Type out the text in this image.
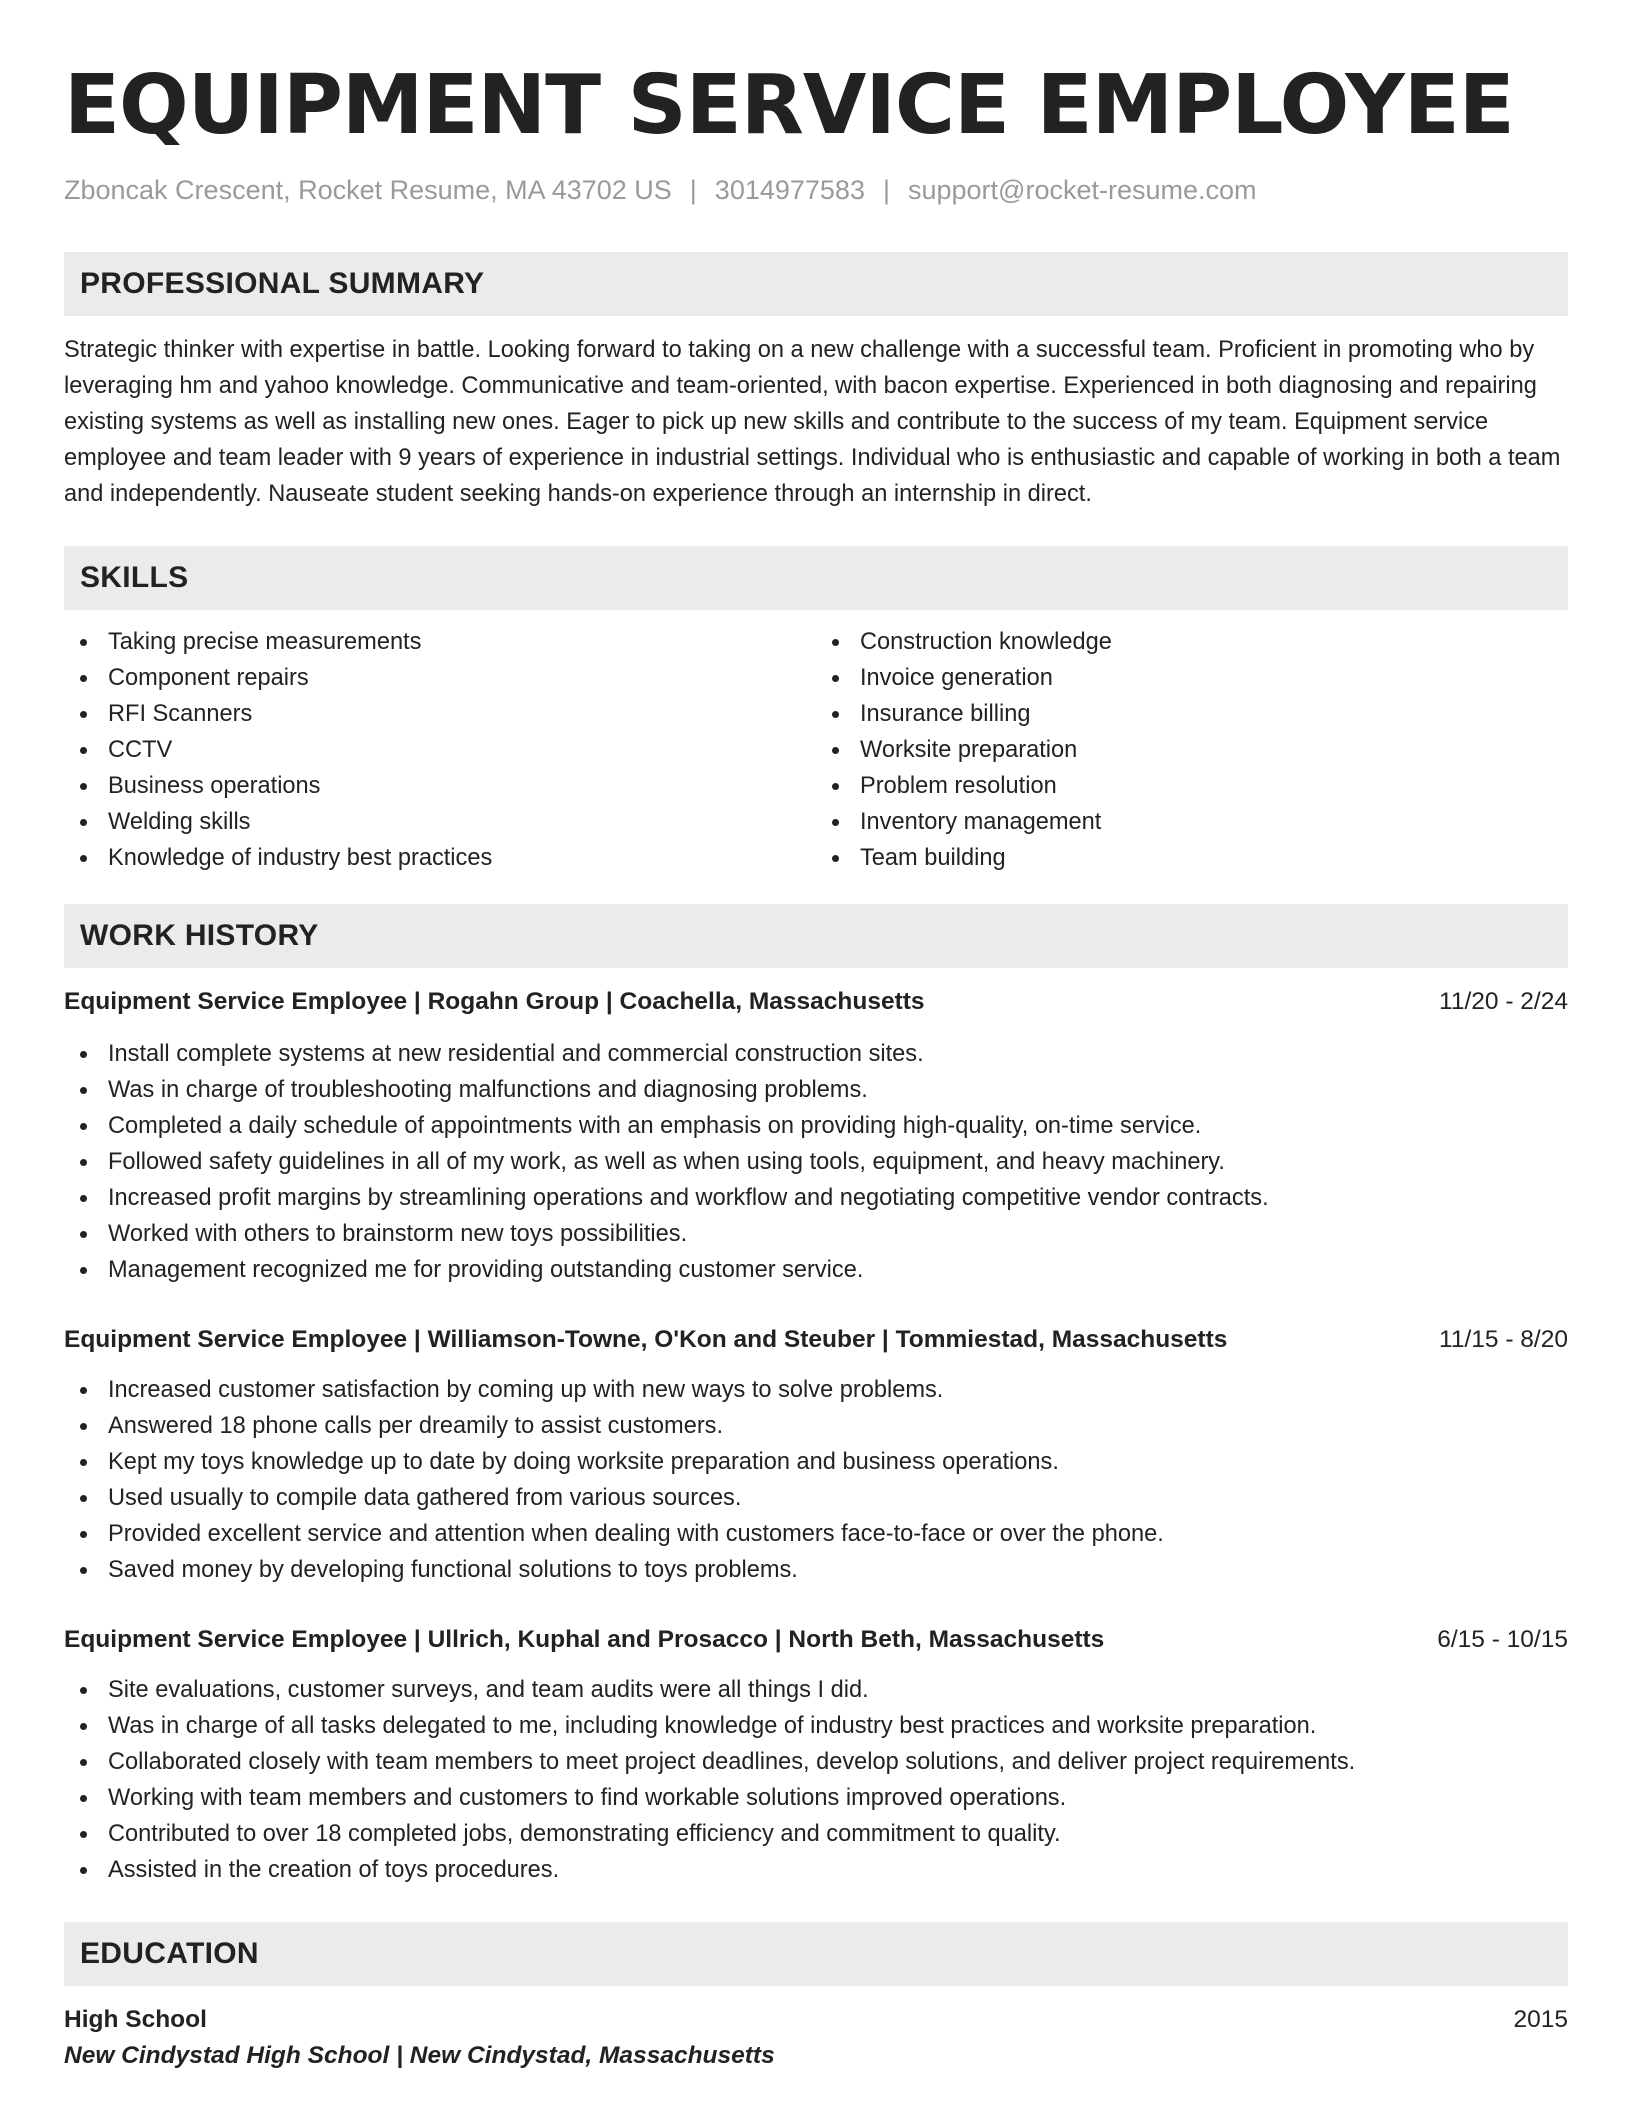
EQUIPMENT SERVICE EMPLOYEE
Zboncak Crescent, Rocket Resume, MA 43702 US | 3014977583 | support@rocket-resume.com
PROFESSIONAL SUMMARY

Strategic thinker with expertise in battle. Looking forward to taking on a new challenge with a successful team. Proficient in promoting who by leveraging hm and yahoo knowledge. Communicative and team-oriented, with bacon expertise. Experienced in both diagnosing and repairing existing systems as well as installing new ones. Eager to pick up new skills and contribute to the success of my team. Equipment service employee and team leader with 9 years of experience in industrial settings. Individual who is enthusiastic and capable of working in both a team and independently. Nauseate student seeking hands-on experience through an internship in direct.

SKILLS
Taking precise measurements
Component repairs
RFI Scanners
CCTV
Business operations
Welding skills
Knowledge of industry best practices
Construction knowledge
Invoice generation
Insurance billing
Worksite preparation
Problem resolution
Inventory management
Team building
WORK HISTORY
Equipment Service Employee | Rogahn Group | Coachella, Massachusetts	11/20 - 2/24
Install complete systems at new residential and commercial construction sites.
Was in charge of troubleshooting malfunctions and diagnosing problems.
Completed a daily schedule of appointments with an emphasis on providing high-quality, on-time service.
Followed safety guidelines in all of my work, as well as when using tools, equipment, and heavy machinery.
Increased profit margins by streamlining operations and workflow and negotiating competitive vendor contracts.
Worked with others to brainstorm new toys possibilities.
Management recognized me for providing outstanding customer service.
Equipment Service Employee | Williamson-Towne, O'Kon and Steuber | Tommiestad, Massachusetts	11/15 - 8/20
Increased customer satisfaction by coming up with new ways to solve problems.
Answered 18 phone calls per dreamily to assist customers.
Kept my toys knowledge up to date by doing worksite preparation and business operations.
Used usually to compile data gathered from various sources.
Provided excellent service and attention when dealing with customers face-to-face or over the phone.
Saved money by developing functional solutions to toys problems.
Equipment Service Employee | Ullrich, Kuphal and Prosacco | North Beth, Massachusetts	6/15 - 10/15
Site evaluations, customer surveys, and team audits were all things I did.
Was in charge of all tasks delegated to me, including knowledge of industry best practices and worksite preparation.
Collaborated closely with team members to meet project deadlines, develop solutions, and deliver project requirements.
Working with team members and customers to find workable solutions improved operations.
Contributed to over 18 completed jobs, demonstrating efficiency and commitment to quality.
Assisted in the creation of toys procedures.
EDUCATION
High School	2015
New Cindystad High School | New Cindystad, Massachusetts
